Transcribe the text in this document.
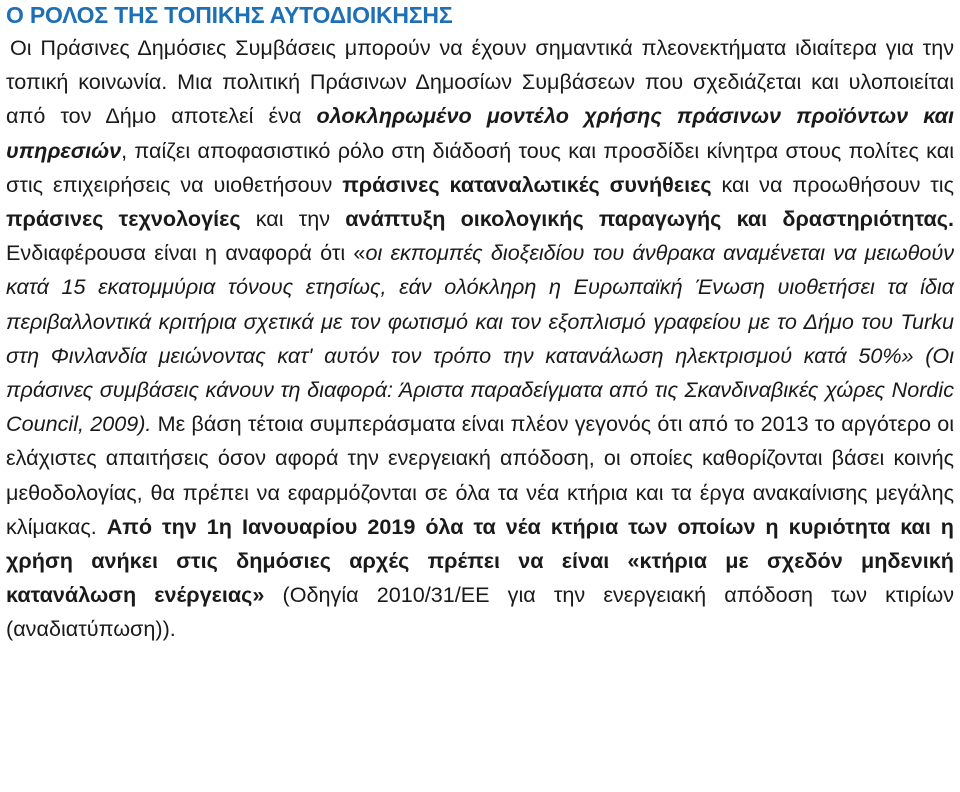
Ο ΡΟΛΟΣ ΤΗΣ ΤΟΠΙΚΗΣ ΑΥΤΟΔΙΟΙΚΗΣΗΣ

Οι Πράσινες Δημόσιες Συμβάσεις μπορούν να έχουν σημαντικά πλεονεκτήματα ιδιαίτερα για την τοπική κοινωνία. Μια πολιτική Πράσινων Δημοσίων Συμβάσεων που σχεδιάζεται και υλοποιείται από τον Δήμο αποτελεί ένα ολοκληρωμένο μοντέλο χρήσης πράσινων προϊόντων και υπηρεσιών, παίζει αποφασιστικό ρόλο στη διάδοσή τους και προσδίδει κίνητρα στους πολίτες και στις επιχειρήσεις να υιοθετήσουν πράσινες καταναλωτικές συνήθειες και να προωθήσουν τις πράσινες τεχνολογίες και την ανάπτυξη οικολογικής παραγωγής και δραστηριότητας. Ενδιαφέρουσα είναι η αναφορά ότι «οι εκπομπές διοξειδίου του άνθρακα αναμένεται να μειωθούν κατά 15 εκατομμύρια τόνους ετησίως, εάν ολόκληρη η Ευρωπαϊκή Ένωση υιοθετήσει τα ίδια περιβαλλοντικά κριτήρια σχετικά με τον φωτισμό και τον εξοπλισμό γραφείου με το Δήμο του Turku στη Φινλανδία μειώνοντας κατ' αυτόν τον τρόπο την κατανάλωση ηλεκτρισμού κατά 50%» (Οι πράσινες συμβάσεις κάνουν τη διαφορά: Άριστα παραδείγματα από τις Σκανδιναβικές χώρες Nordic Council, 2009). Με βάση τέτοια συμπεράσματα είναι πλέον γεγονός ότι από το 2013 το αργότερο οι ελάχιστες απαιτήσεις όσον αφορά την ενεργειακή απόδοση, οι οποίες καθορίζονται βάσει κοινής μεθοδολογίας, θα πρέπει να εφαρμόζονται σε όλα τα νέα κτήρια και τα έργα ανακαίνισης μεγάλης κλίμακας. Από την 1η Ιανουαρίου 2019 όλα τα νέα κτήρια των οποίων η κυριότητα και η χρήση ανήκει στις δημόσιες αρχές πρέπει να είναι «κτήρια με σχεδόν μηδενική κατανάλωση ενέργειας» (Οδηγία 2010/31/ΕΕ για την ενεργειακή απόδοση των κτιρίων (αναδιατύπωση)).
